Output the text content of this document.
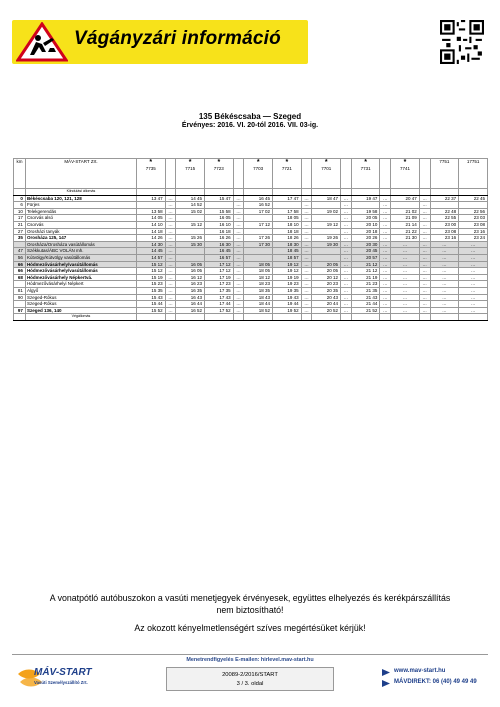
Vágányzári információ
135 Békéscsaba — Szeged
Érvényes: 2016. VI. 20-tól 2016. VII. 03-ig.
km	MÁV-START Zrt.	*
7735		*
7715	*
7723		*
7703	*
7721		*
7701		*
7731		*
7741		7751	17751
	Kiindulási állomás																
0	Békéscsaba 120, 121, 128	13 47	…	14 45	15 47	…	16 45	17 47	…	18 47	…	19 47	…	20 47	…	22 37	22 45
6	Fürjes		…	14 52		…	16 52		…		…		…		…		
10	Telekgerendás	13 58	…	15 02	15 58	…	17 02	17 58	…	19 02	…	19 58	…	21 02	…	22 48	22 56
17	Csorvás alsó	14 05	…		16 05	…		18 05	…		…	20 05	…	21 09	…	22 55	23 03
21	Csorvás	14 10	…	15 12	16 10	…	17 12	18 10	…	19 12	…	20 10	…	21 14	…	23 00	23 08
27	Orosházi tanyák	14 18	…		16 18	…		18 18	…		…	20 18	…	21 22	…	23 08	23 16
35	Orosháza 125, 147	14 26	…	15 26	16 26	…	17 26	18 26	…	19 26	…	20 26	…	21 30	…	23 16	23 24
	Orosháza/Orosháza vasútállomás	14 30	…	15 30	16 30	…	17 30	18 30	…	19 30	…	20 30	…	…	…	…	…
47	Székkutas/ÁBC VOLÁN mh.	14 45	…		16 45	…		18 45	…		…	20 45	…	…	…	…	…
56	Kútvölgy/Kútvölgy vasútállomás	14 57	…		16 57	…		18 57	…		…	20 57	…	…	…	…	…
66	Hódmezővásárhely/vasútállomás	15 12	…	16 05	17 12	…	18 05	19 12	…	20 05	…	21 12	…	…	…	…	…
66	Hódmezővásárhely/vasútállomás	15 12	…	16 05	17 12	…	18 05	19 12	…	20 05	…	21 12	…	…	…	…	…
68	Hódmezővásárhely Népkertvá.	15 19	…	16 12	17 19	…	18 12	19 19	…	20 12	…	21 19	…	…	…	…	…
	Hódmezővásárhelyi Népkert	15 23	…	16 23	17 23	…	18 23	19 23	…	20 23	…	21 23	…	…	…	…	…
81	Algyő	15 35	…	16 35	17 35	…	18 35	19 35	…	20 35	…	21 35	…	…	…	…	…
90	Szeged-Rókus	15 43	…	16 43	17 43	…	18 43	19 43	…	20 43	…	21 43	…	…	…	…	…
	Szeged-Rókus	15 44	…	16 44	17 44	…	18 44	19 44	…	20 44	…	21 44	…	…	…	…	…
97	Szeged 136, 140	15 52	…	16 52	17 52	…	18 52	19 52	…	20 52	…	21 52	…	…	…	…	…
	Végállomás																
A vonatpótló autóbuszokon a vasúti menetjegyek érvényesek, együttes elhelyezés és kerékpárszállítás nem biztosítható!
Az okozott kényelmetlenségért szíves megértésüket kérjük!
Menetrendfigyelés E-mailen: hirlevel.mav-start.hu
MÁV-START
Vasúti Személyszállító Zrt.
20089-2/2016/START
3 / 3. oldal
www.mav-start.hu
MÁVDIREKT: 06 (40) 49 49 49
